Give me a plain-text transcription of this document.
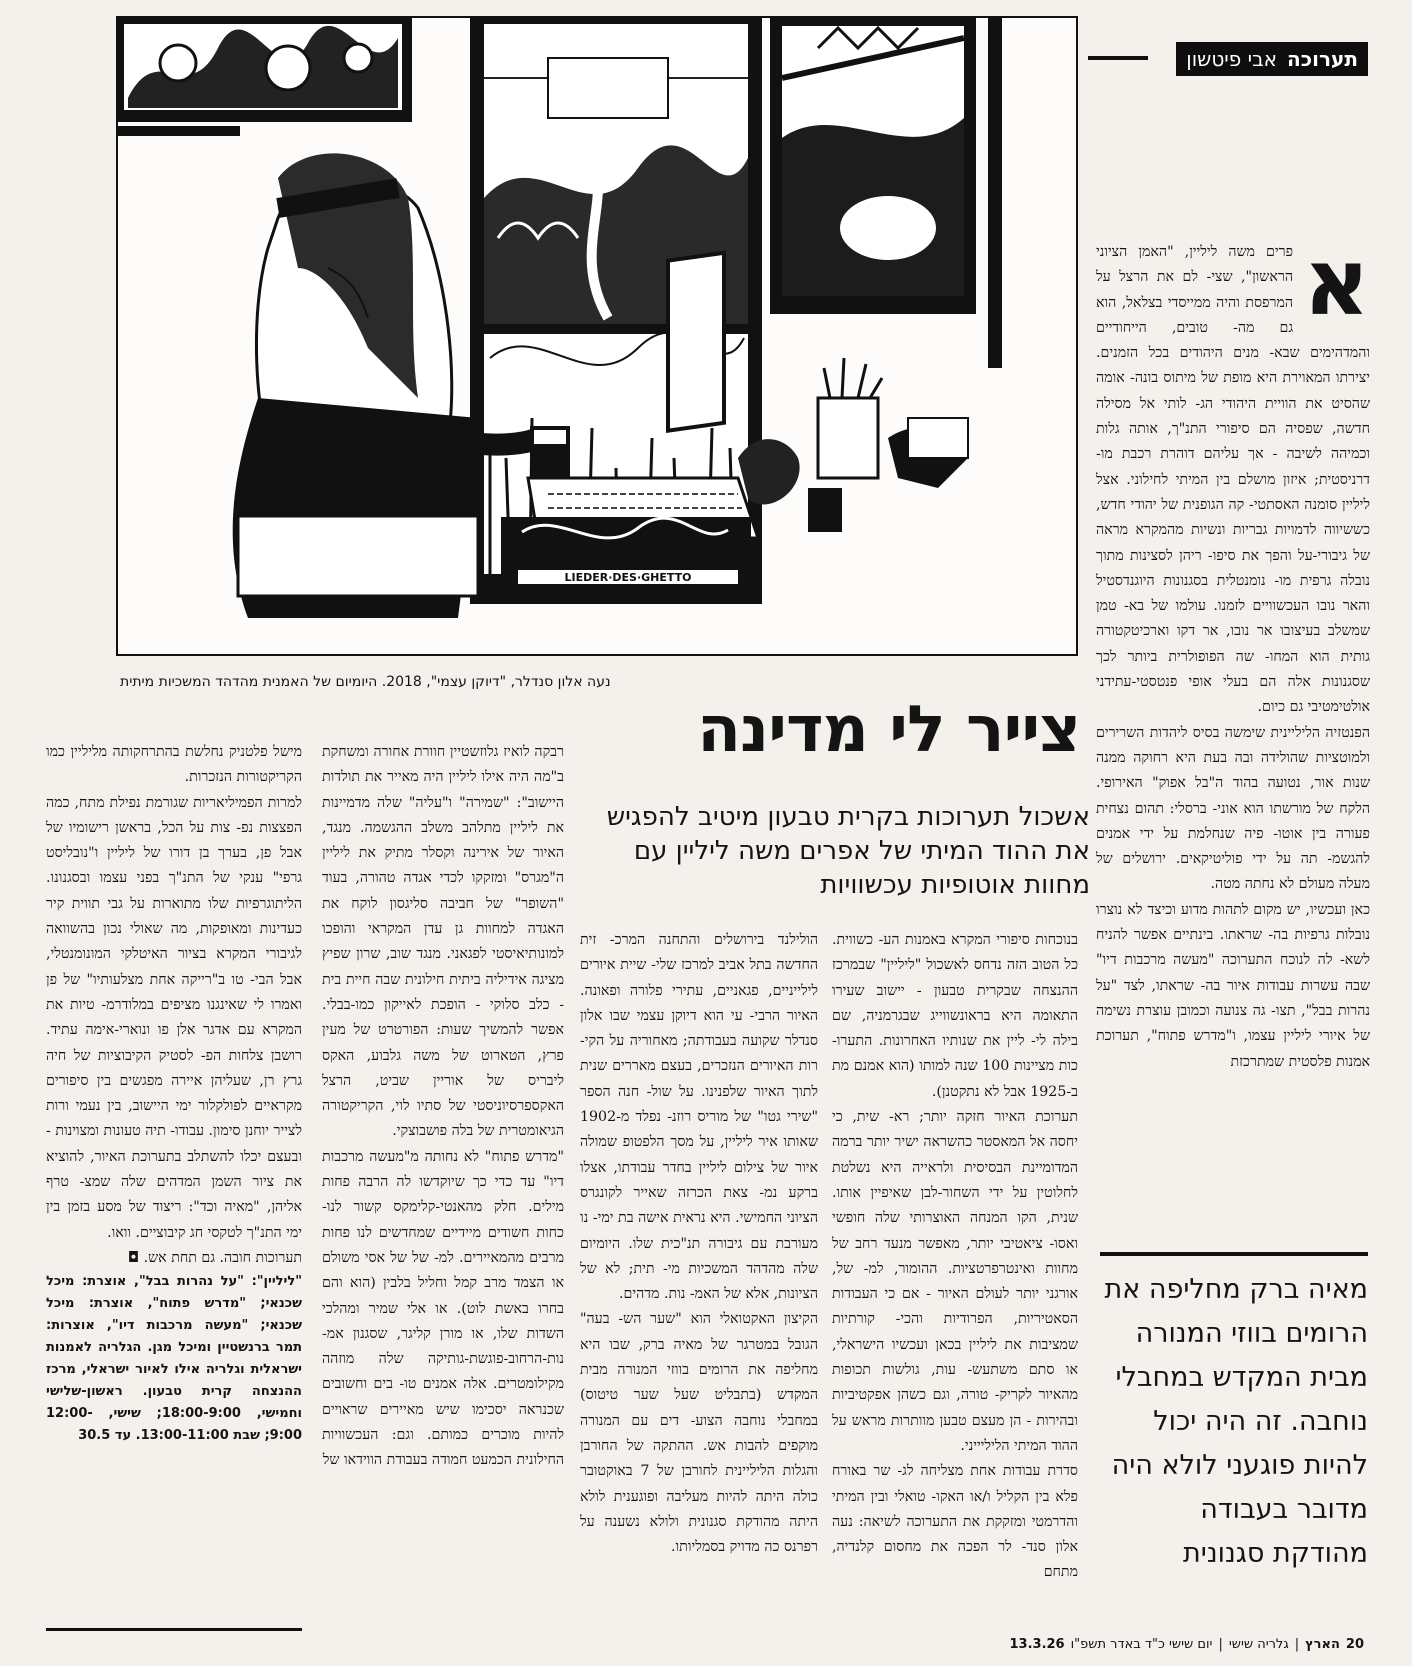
LIEDER·DES·GHETTO
נעה אלון סנדלר, "דיוקן עצמי", 2018. היומיום של האמנית מהדהד המשכיות מיתית
תערוכה
אבי פיטשון
צייר לי מדינה
אשכול תערוכות בקרית טבעון מיטיב להפגיש את ההוד המיתי של אפרים משה ליליין עם מחוות אוטופיות עכשוויות
א

פרים משה ליליין, "האמן הציוני הראשון", שצי- לם את הרצל על המרפסת והיה ממייסדי בצלאל, הוא גם מה- טובים, הייחודיים והמדהימים שבא- מנים היהודים בכל הזמנים. יצירתו המאוירת היא מופת של מיתוס בונה- אומה שהסיט את הוויית היהודי הג- לותי אל מסילה חדשה, שפסיה הם סיפורי התנ"ך, אותה גלות וכמיהה לשיבה - אך עליהם דוהרת רכבת מו- דרניסטית; איזון מושלם בין המיתי לחילוני. אצל ליליין סומנה האסתטי- קה הגופנית של יהודי חדש, כששיווה לדמויות גבריות ונשיות מהמקרא מראה של גיבורי-על והפך את סיפו- ריהן לסצינות מתוך נובלה גרפית מו- נומנטלית בסגנונות היוגנדסטיל והאר נובו העכשוויים לזמנו. עולמו של בא- טמן שמשלב בעיצובו אר נובו, אר דקו וארכיטקטורה גותית הוא המחו- שה הפופולרית ביותר לכך שסגנונות אלה הם בעלי אופי פנטסטי-עתידני אולטימטיבי גם כיום.

הפנטזיה הליליינית שימשה בסיס ליהדות השרירים ולמוטציות שהולידה ובה בעת היא רחוקה ממנה שנות אור, נטועה בהוד ה"בל אפוק" האירופי. הלקח של מורשתו הוא אוני- ברסלי: תהום נצחית פעורה בין אוטו- פיה שנחלמת על ידי אמנים להגשמ- תה על ידי פוליטיקאים. ירושלים של מעלה מעולם לא נחתה מטה.

כאן ועכשיו, יש מקום לתהות מדוע וכיצד לא נוצרו נובלות גרפיות בה- שראתו. בינתיים אפשר להניח לשא- לה לנוכח התערוכה "מעשה מרכבות דיו" שבה עשרות עבודות איור בה- שראתו, לצד "על נהרות בבל", תצו- גה צנועה וכמובן עוצרת נשימה של איורי ליליין עצמו, ו"מדרש פתוח", תערוכת אמנות פלסטית שמתרכזת

מאיה ברק מחליפה את הרומים בווזי המנורה מבית המקדש במחבלי נוחבה. זה היה יכול להיות פוגעני לולא היה מדובר בעבודה מהודקת סגנונית

בנוכחות סיפורי המקרא באמנות הע- כשווית. כל הטוב הזה נדחס לאשכול "ליליין" שבמרכז ההנצחה שבקרית טבעון - יישוב שעירו התאומה היא בראונשווייג שבגרמניה, שם בילה לי- ליין את שנותיו האחרונות. התערו- כות מציינות 100 שנה למותו (הוא אמנם מת ב-1925 אבל לא נתקטנן).

תערוכת האיור חזקה יותר; רא- שית, כי יחסה אל המאסטר כהשראה ישיר יותר ברמה המדומיינת הבסיסית ולראייה היא נשלטת לחלוטין על ידי השחור-לבן שאיפיין אותו. שנית, הקו המנחה האוצרותי שלה חופשי ואסו- ציאטיבי יותר, מאפשר מנעד רחב של מחוות ואינטרפרטציות. ההומור, למ- של, אורגני יותר לעולם האיור - אם כי העבודות הסאטיריות, הפרודיות והכי- קורתיות שמציבות את ליליין בכאן ועכשיו הישראלי, או סתם משתעש- עות, גולשות תכופות מהאיור לקריק- טורה, וגם כשהן אפקטיביות ובהירות - הן מעצם טבען מוותרות מראש על ההוד המיתי הליליייני.

סדרת עבודות אחת מצליחה לג- שר באורח פלא בין הקליל ו/או האקו- טואלי ובין המיתי והדרמטי ומזקקת את התערוכה לשיאה: נעה אלון סנד- לר הפכה את מחסום קלנדיה, מתחם

הולילנד בירושלים והתחנה המרכ- זית החדשה בתל אביב למרכז שלי- שיית איורים לילייניים, פגאניים, עתירי פלורה ופאונה. האיור הרבי- עי הוא דיוקן עצמי שבו אלון סנדלר שקועה בעבודתה; מאחוריה על הקי- רות האיורים הנזכרים, בעצם מאררים שנית לתוך האיור שלפנינו. על שול- חנה הספר "שירי גטו" של מוריס רוזנ- נפלד מ-1902 שאותו איר ליליין, על מסך הלפטופ שמולה איור של צילום ליליין בחדר עבודתו, אצלו ברקע נמ- צאת הכרזה שאייר לקונגרס הציוני החמישי. היא נראית אישה בת ימי- נו מעורבת עם גיבורה תנ"כית שלו. היומיום שלה מהדהד המשכיות מי- תית; לא של הציונות, אלא של האמ- נות. מדהים.

הקיצון האקטואלי הוא "שער הש- בעה" הגובל במטרגר של מאיה ברק, שבו היא מחליפה את הרומים בווזי המנורה מבית המקדש (בתבליט שעל שער טיטוס) במחבלי נוחבה הצוע- דים עם המנורה מוקפים להבות אש. ההתקה של החורבן והגלות הליליינית לחורבן של 7 באוקטובר כולה היתה להיות מעליבה ופוגענית לולא היתה מהודקת סגנונית ולולא נשענה על רפרנס כה מדויק בסמליותו.

רבקה לואיז גלוזשטיין חוורת אחורה ומשחקת ב"מה היה אילו ליליין היה מאייר את תולדות היישוב": "שמירה" ו"עליה" שלה מדמיינות את ליליין מתלהב משלב ההגשמה. מנגד, האיור של אירינה וקסלר מתיק את ליליין ה"מגרס" ומזקקו לכדי אגדה טהורה, בעוד "השופר" של חביבה סליגסון לוקח את האגדה למחוות גן עדן המקראי והופכו למונותיאיסטי לפגאני. מנגד שוב, שרון שפיץ מציגה אידיליה ביתית חילונית שבה חיית בית - כלב סלוקי - הופכת לאייקון כמו-בבלי. אפשר להמשיך שעות: הפורטרט של מעין פרץ, הטארוט של משה גלבוע, האקס ליבריס של אוריין שביט, הרצל האקספרסיוניסטי של סתיו לוי, הקריקטורה הגיאומטרית של בלה פושבוצקי.

"מדרש פתוח" לא נחותה מ"מעשה מרכבות דיו" עד כדי כך שיוקדשו לה הרבה פחות מילים. חלק מהאנטי-קלימקס קשור לנו- כחות חשודים מיידיים שמחדשים לנו פחות מרבים מהמאיירים. למ- של של אסי משולם או הצמד מרב קמל וחליל בלבין (הוא והם בחרו באשת לוט). או אלי שמיר ומהלכי השדות שלו, או מורן קליגר, שסגנון אמ- נות-הרחוב-פוגשת-גותיקה שלה מוזהה מקילומטרים. אלה אמנים טו- בים וחשובים שכנראה יסכימו שיש מאיירים שראויים להיות מוכרים כמותם. וגם: העכשוויות החילונית הכמעט חמודה בעבודת הווידאו של

מישל פלטניק נחלשת בהתרחקותה מליליין כמו הקריקטורות הנזכרות.

למרות הפמיליאריות שגורמת נפילת מתח, כמה הפצצות נפ- צות על הכל, בראשן רישומיו של אבל פן, בערך בן דורו של ליליין ו"נובליסט גרפי" ענקי של התנ"ך בפני עצמו ובסגנונו. הליתוגרפיות שלו מתוארות על גבי תווית קיר כעדינות ומאופקות, מה שאולי נכון בהשוואה לגיבורי המקרא בציור האיטלקי המונומנטלי, אבל הבי- טו ב"רייקה אחת מצלעותיו" של פן ואמרו לי שאינגנו מציפים במלודרמ- טיות את המקרא עם אדגר אלן פו ונוארי-אימה עתיד. רושבן צלחות הפ- לסטיק הקיבוציות של חיה גרץ רן, שעליהן איירה מפגשים בין סיפורים מקראיים לפולקלור ימי היישוב, בין נעמי ורות לצייר יוחנן סימון. עבודו- תיה טעונות ומצוינות - ובעצם יכלו להשתלב בתערוכת האיור, להוציא את ציור השמן המדהים שלה שמצ- טרף אליהן, "מאיה וכד": ריצוד של מסע בזמן בין ימי התנ"ך לטקסי חג קיבוציים. וואו.

תערוכות חובה. גם תחת אש. ◘

"ליליין": "על נהרות בבל", אוצרת: מיכל שכנאי; "מדרש פתוח", אוצרת: מיכל שכנאי; "מעשה מרכבות דיו", אוצרות: תמר ברנשטיין ומיכל מגן. הגלריה לאמנות ישראלית וגלריה אילו לאיור ישראלי, מרכז ההנצחה קרית טבעון. ראשון-שלישי וחמישי, 18:00-9:00; שישי, 12:00-9:00; שבת 13:00-11:00. עד 30.5

20
הארץ
|
גלריה שישי
|
יום שישי כ"ד באדר תשפ"ו
13.3.26
